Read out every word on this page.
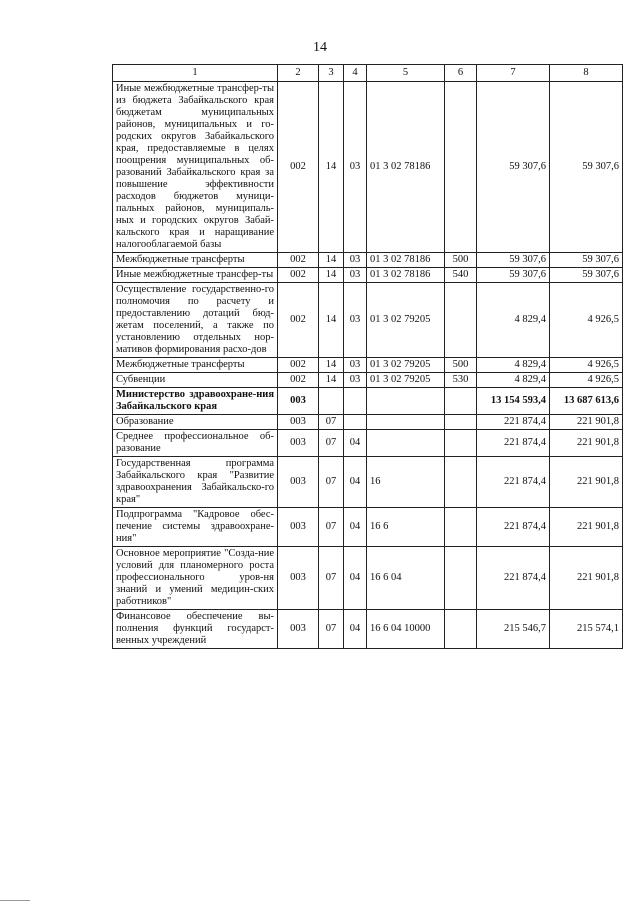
14
1	2	3	4	5	6	7	8
Иные межбюджетные трансфер-ты из бюджета Забайкальского края бюджетам муниципальных районов, муниципальных и го-родских округов Забайкальского края, предоставляемые в целях поощрения муниципальных об-разований Забайкальского края за повышение эффективности расходов бюджетов муници-пальных районов, муниципаль-ных и городских округов Забай-кальского края и наращивание налогооблагаемой базы	002	14	03	01 3 02 78186		59 307,6	59 307,6
Межбюджетные трансферты	002	14	03	01 3 02 78186	500	59 307,6	59 307,6
Иные межбюджетные трансфер-ты	002	14	03	01 3 02 78186	540	59 307,6	59 307,6
Осуществление государственно-го полномочия по расчету и предоставлению дотаций бюд-жетам поселений, а также по установлению отдельных нор-мативов формирования расхо-дов	002	14	03	01 3 02 79205		4 829,4	4 926,5
Межбюджетные трансферты	002	14	03	01 3 02 79205	500	4 829,4	4 926,5
Субвенции	002	14	03	01 3 02 79205	530	4 829,4	4 926,5
Министерство здравоохране-ния Забайкальского края	003					13 154 593,4	13 687 613,6
Образование	003	07				221 874,4	221 901,8
Среднее профессиональное об-разование	003	07	04			221 874,4	221 901,8
Государственная программа Забайкальского края "Развитие здравоохранения Забайкальско-го края"	003	07	04	16		221 874,4	221 901,8
Подпрограмма "Кадровое обес-печение системы здравоохране-ния"	003	07	04	16 6		221 874,4	221 901,8
Основное мероприятие "Созда-ние условий для планомерного роста профессионального уров-ня знаний и умений медицин-ских работников"	003	07	04	16 6 04		221 874,4	221 901,8
Финансовое обеспечение вы-полнения функций государст-венных учреждений	003	07	04	16 6 04 10000		215 546,7	215 574,1
